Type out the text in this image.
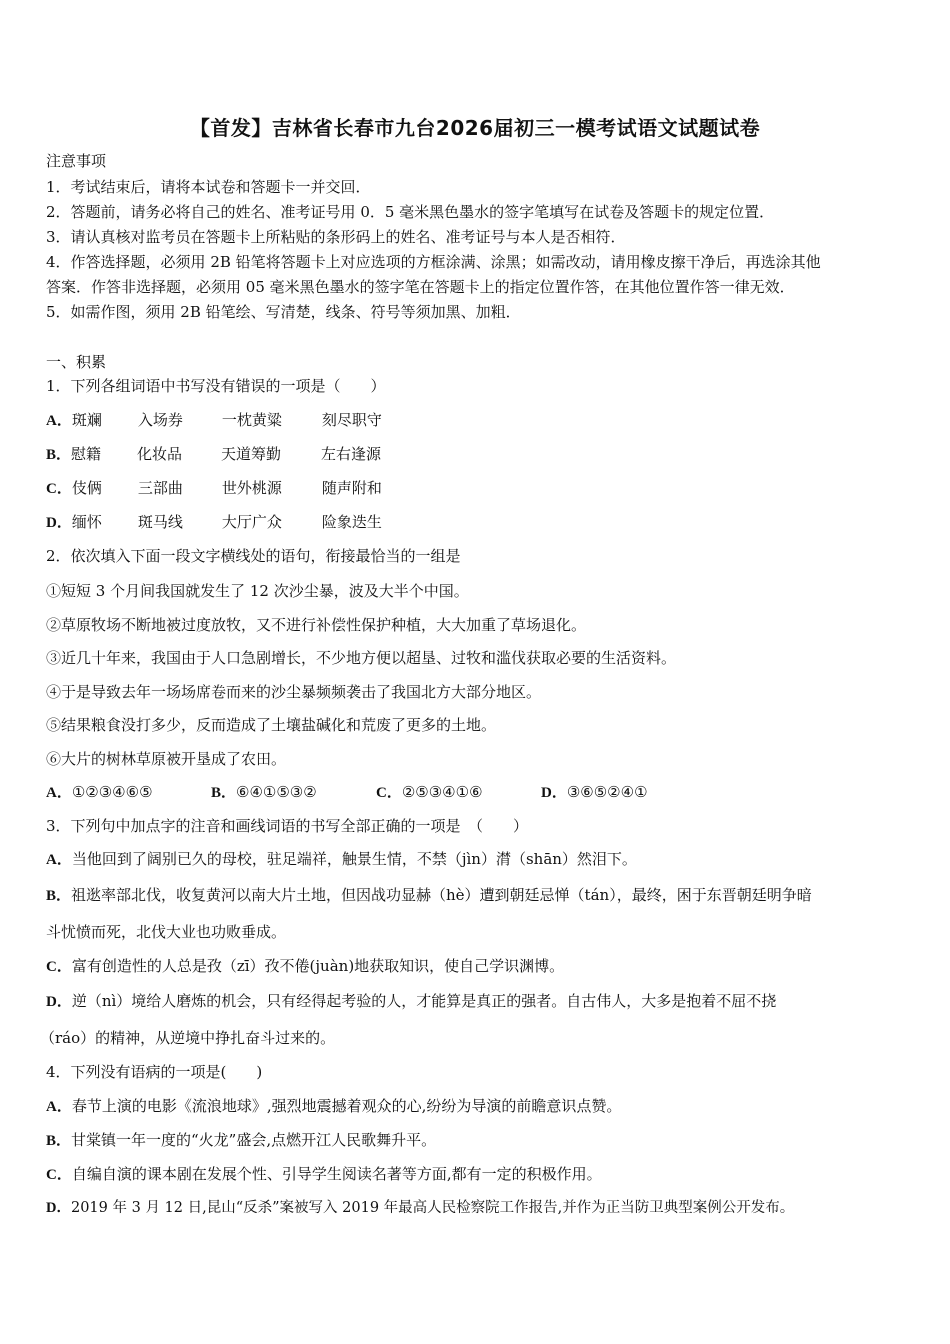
【首发】吉林省长春市九台2026届初三一模考试语文试题试卷
注意事项
1．考试结束后，请将本试卷和答题卡一并交回．
2．答题前，请务必将自己的姓名、准考证号用 0．5 毫米黑色墨水的签字笔填写在试卷及答题卡的规定位置．
3．请认真核对监考员在答题卡上所粘贴的条形码上的姓名、准考证号与本人是否相符．
4．作答选择题，必须用 2B 铅笔将答题卡上对应选项的方框涂满、涂黑；如需改动，请用橡皮擦干净后，再选涂其他
答案．作答非选择题，必须用 05 毫米黑色墨水的签字笔在答题卡上的指定位置作答，在其他位置作答一律无效．
5．如需作图，须用 2B 铅笔绘、写清楚，线条、符号等须加黑、加粗．
一、积累
1．下列各组词语中书写没有错误的一项是（　　）
A．斑斓 入场券	一枕黄粱	刻尽职守
B．慰籍 化妆品	天道筹勤	左右逢源
C．伎俩 三部曲	世外桃源	随声附和
D．缅怀 斑马线	大厅广众	险象迭生
2．依次填入下面一段文字横线处的语句，衔接最恰当的一组是
①短短 3 个月间我国就发生了 12 次沙尘暴，波及大半个中国。
②草原牧场不断地被过度放牧，又不进行补偿性保护种植，大大加重了草场退化。
③近几十年来，我国由于人口急剧增长，不少地方便以超垦、过牧和滥伐获取必要的生活资料。
④于是导致去年一场场席卷而来的沙尘暴频频袭击了我国北方大部分地区。
⑤结果粮食没打多少，反而造成了土壤盐碱化和荒废了更多的土地。
⑥大片的树林草原被开垦成了农田。
A．①②③④⑥⑤	B．⑥④①⑤③②	C．②⑤③④①⑥	D．③⑥⑤②④①
3．下列句中加点字的注音和画线词语的书写全部正确的一项是　（　　）
A．当他回到了阔别已久的母校，驻足端祥，触景生情，不禁（jìn）潸（shān）然泪下。
B．祖逖率部北伐，收复黄河以南大片土地，但因战功显赫（hè）遭到朝廷忌惮（tán），最终，困于东晋朝廷明争暗
斗忧愤而死，北伐大业也功败垂成。
C．富有创造性的人总是孜（zī）孜不倦(juàn)地获取知识，使自己学识渊博。
D．逆（nì）境给人磨炼的机会，只有经得起考验的人，才能算是真正的强者。自古伟人，大多是抱着不屈不挠
（ráo）的精神，从逆境中挣扎奋斗过来的。
4．下列没有语病的一项是(　　)
A．春节上演的电影《流浪地球》,强烈地震撼着观众的心,纷纷为导演的前瞻意识点赞。
B．甘棠镇一年一度的“火龙”盛会,点燃开江人民歌舞升平。
C．自编自演的课本剧在发展个性、引导学生阅读名著等方面,都有一定的积极作用。
D．2019 年 3 月 12 日,昆山“反杀”案被写入 2019 年最高人民检察院工作报告,并作为正当防卫典型案例公开发布。
